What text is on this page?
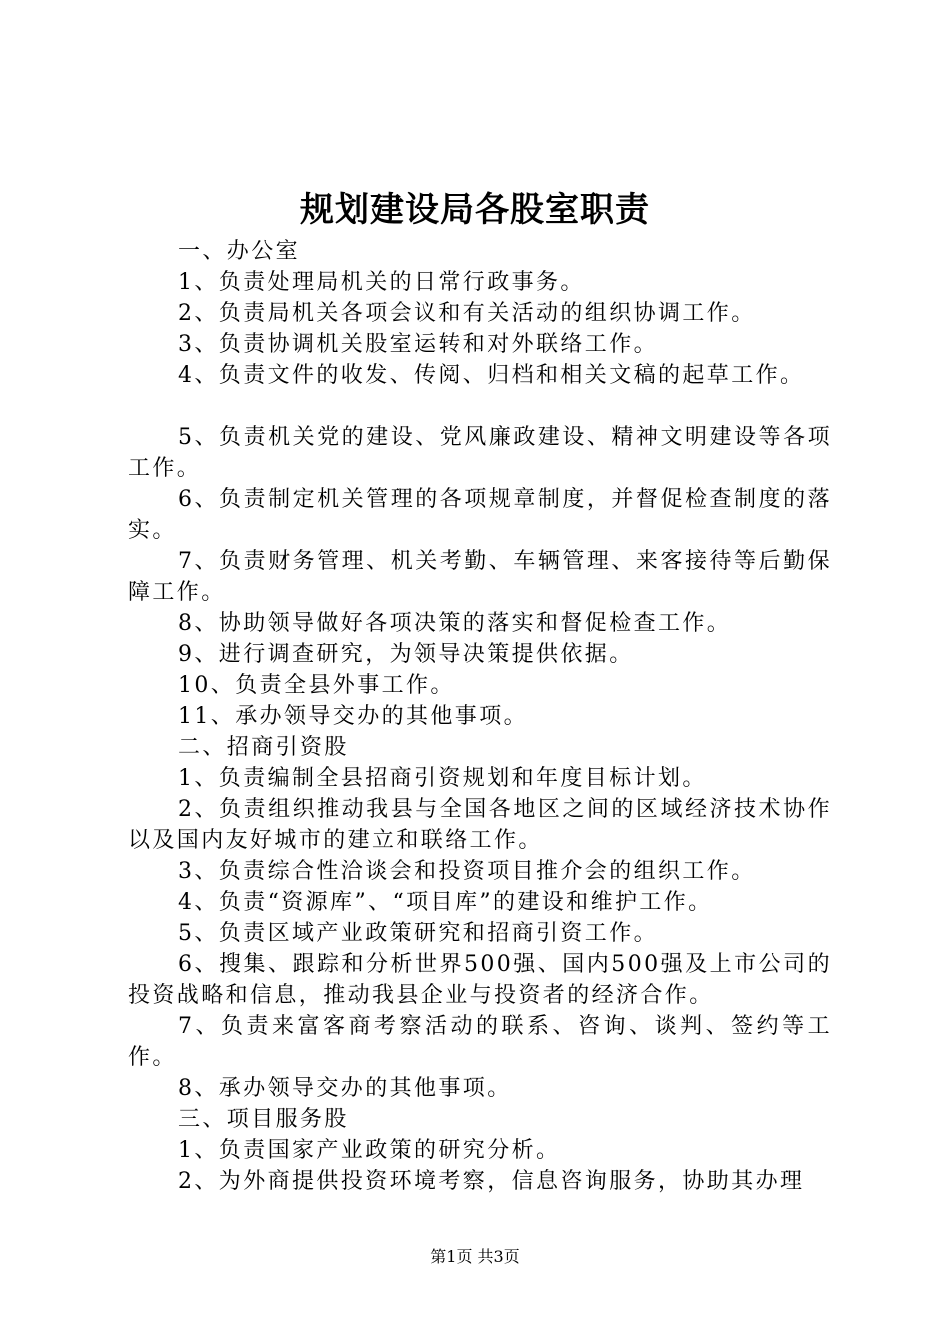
规划建设局各股室职责

一、办公室

1、负责处理局机关的日常行政事务。

2、负责局机关各项会议和有关活动的组织协调工作。

3、负责协调机关股室运转和对外联络工作。

4、负责文件的收发、传阅、归档和相关文稿的起草工作。

5、负责机关党的建设、党风廉政建设、精神文明建设等各项工作。

6、负责制定机关管理的各项规章制度，并督促检查制度的落实。

7、负责财务管理、机关考勤、车辆管理、来客接待等后勤保障工作。

8、协助领导做好各项决策的落实和督促检查工作。

9、进行调查研究，为领导决策提供依据。

10、负责全县外事工作。

11、承办领导交办的其他事项。

二、招商引资股

1、负责编制全县招商引资规划和年度目标计划。

2、负责组织推动我县与全国各地区之间的区域经济技术协作以及国内友好城市的建立和联络工作。

3、负责综合性洽谈会和投资项目推介会的组织工作。

4、负责“资源库”、“项目库”的建设和维护工作。

5、负责区域产业政策研究和招商引资工作。

6、搜集、跟踪和分析世界500强、国内500强及上市公司的投资战略和信息，推动我县企业与投资者的经济合作。

7、负责来富客商考察活动的联系、咨询、谈判、签约等工作。

8、承办领导交办的其他事项。

三、项目服务股

1、负责国家产业政策的研究分析。

2、为外商提供投资环境考察，信息咨询服务，协助其办理

第1页 共3页
